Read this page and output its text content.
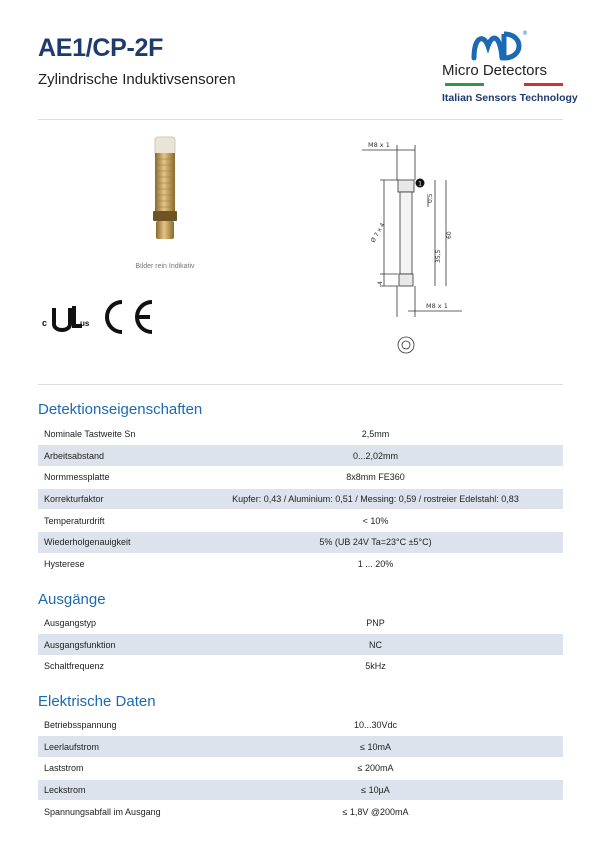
AE1/CP-2F
Zylindrische Induktivsensoren
®
Micro Detectors
Italian Sensors Technology
Bilder rein Indikativ
c	us
1
M8 x 1
M8 x 1
0,5
60
35,5
4
Ø 7 x 4
Detektionseigenschaften
Nominale Tastweite Sn	2,5mm
Arbeitsabstand	0...2,02mm
Normmessplatte	8x8mm FE360
Korrekturfaktor	Kupfer: 0,43 / Aluminium: 0,51 / Messing: 0,59 / rostreier Edelstahl: 0,83
Temperaturdrift	< 10%
Wiederholgenauigkeit	5% (UB 24V Ta=23°C ±5°C)
Hysterese	1 ... 20%
Ausgänge
Ausgangstyp	PNP
Ausgangsfunktion	NC
Schaltfrequenz	5kHz
Elektrische Daten
Betriebsspannung	10...30Vdc
Leerlaufstrom	≤ 10mA
Laststrom	≤ 200mA
Leckstrom	≤ 10µA
Spannungsabfall im Ausgang	≤ 1,8V @200mA
